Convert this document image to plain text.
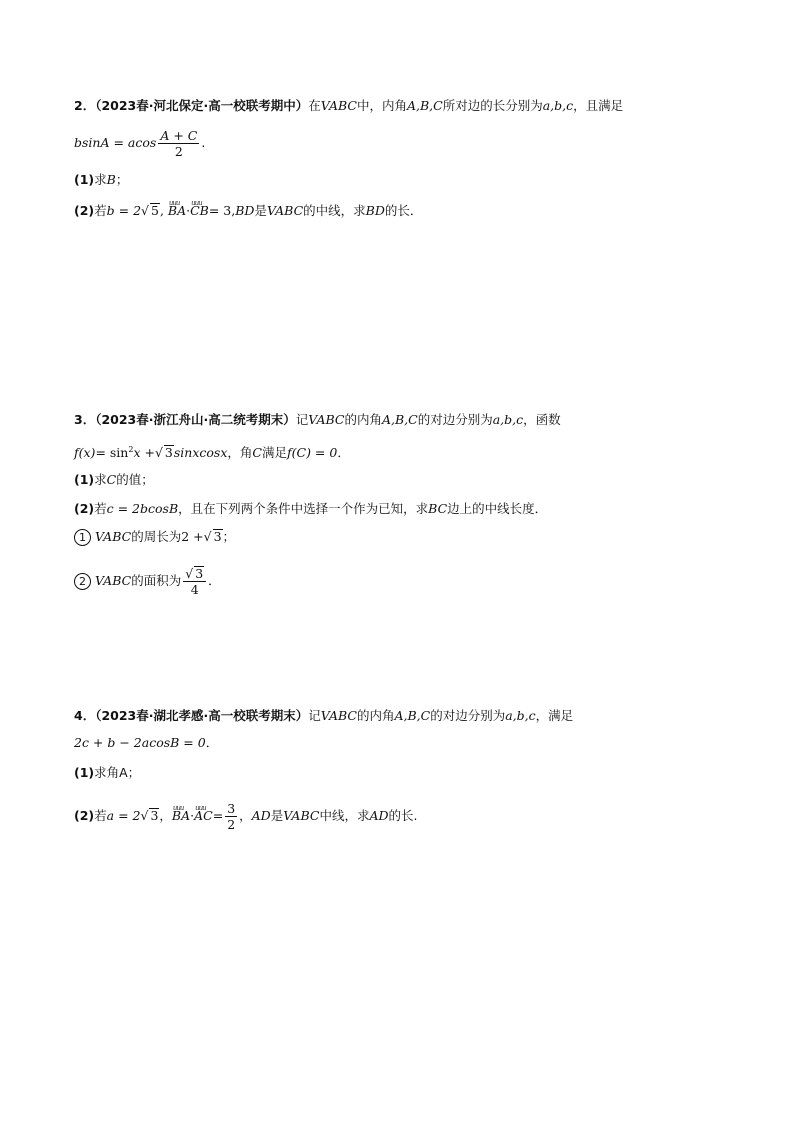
2．（2023春·河北保定·高一校联考期中）在VABC中，内角A,B,C所对边的长分别为a,b,c，且满足
bsinA = acos $\frac{A + C}{2}$ .
(1)求B；
(2)若b = 2√ 5, uuu BA·uuu CB= 3,BD是VABC的中线，求BD的长．
3．（2023春·浙江舟山·高二统考期末）记VABC的内角A,B,C的对边分别为a,b,c，函数
$f(x)= \sin^2x$ +√ 3sinxcosx，角C满足f(C) = 0．
(1)求C的值；
(2)若c = 2bcosB，且在下列两个条件中选择一个作为已知，求BC边上的中线长度．
1 VABC的周长为2 +√ 3；
2 VABC的面积为 $\frac{√ 3}{4}$ ．
4．（2023春·湖北孝感·高一校联考期末）记VABC的内角A,B,C的对边分别为a,b,c，满足
2c + b − 2acosB = 0．
(1)求角A；
(2)若a = 2√ 3，uuu BA·uuu $AC= \frac{3}{2}$ ，AD是VABC中线，求AD的长.
